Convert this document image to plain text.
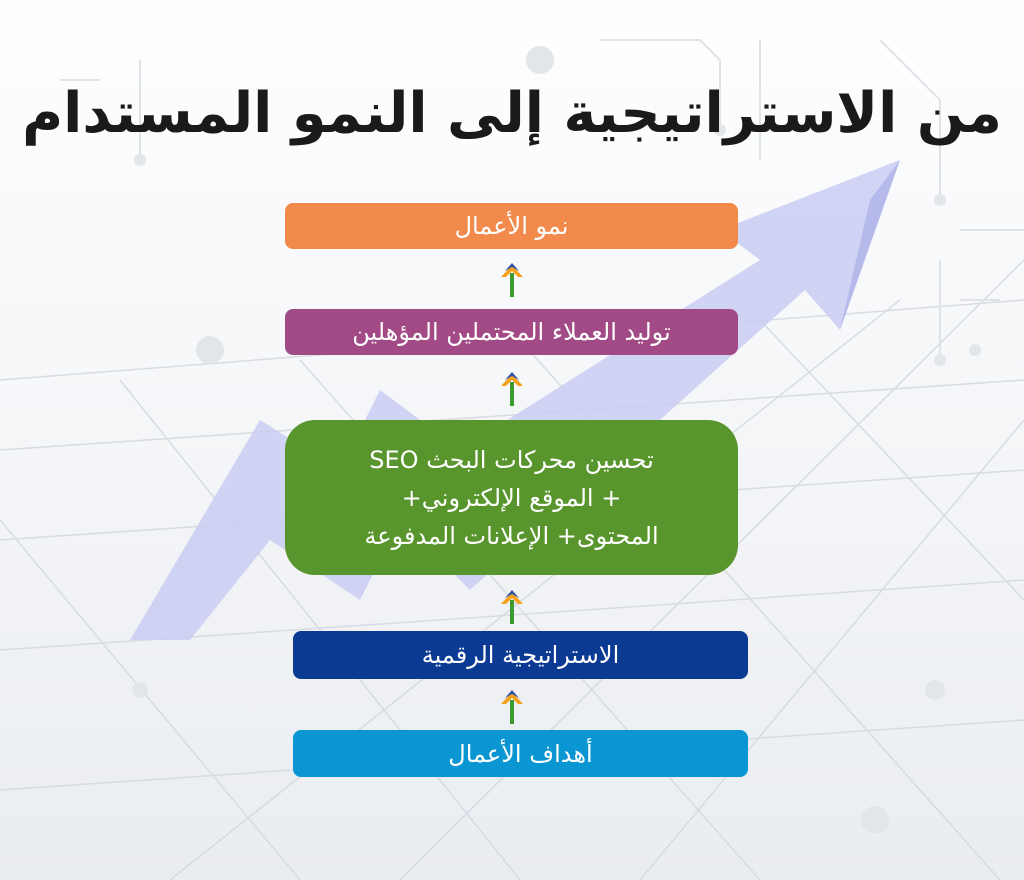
من الاستراتيجية إلى النمو المستدام
نمو الأعمال
توليد العملاء المحتملين المؤهلين
تحسين محركات البحث SEO
+ الموقع الإلكتروني+
المحتوى+ الإعلانات المدفوعة
الاستراتيجية الرقمية
أهداف الأعمال
